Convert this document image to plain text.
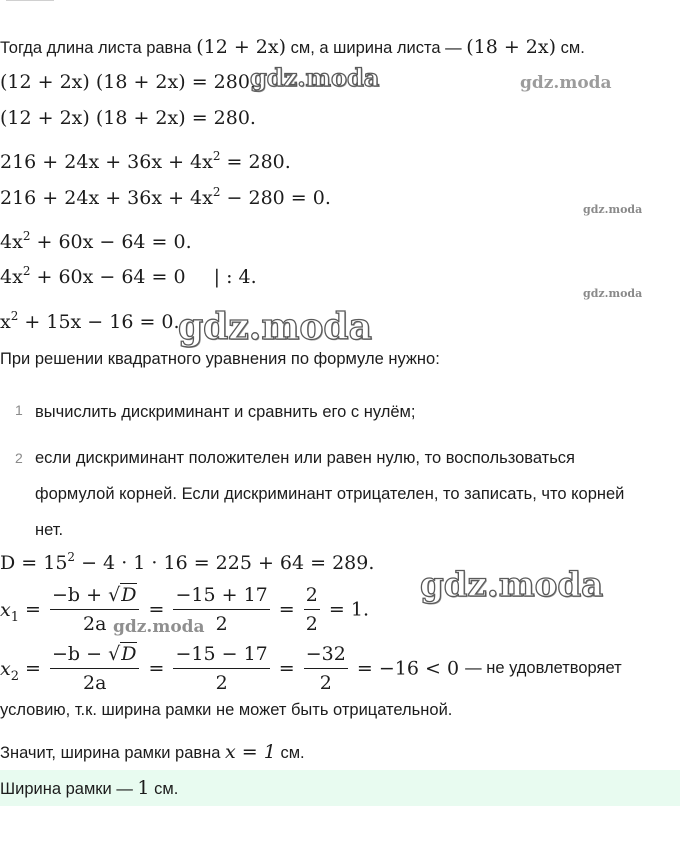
Тогда длина листа равна (12 + 2x) см, а ширина листа — (18 + 2x) см.
(12 + 2x) (18 + 2x) = 280.
(12 + 2x) (18 + 2x) = 280.
$216 + 24x + 36x + 4x^2 = 280$.
$216 + 24x + 36x + 4x^2 - 280 = 0$.
$4x^2 + 60x - 64 = 0$.
$4x^2 + 60x - 64 = 0$ | : 4.
$x^2 + 15x - 16 = 0$.
При решении квадратного уравнения по формуле нужно:
1 вычислить дискриминант и сравнить его с нулём;
2 если дискриминант положителен или равен нулю, то воспользоваться формулой корней. Если дискриминант отрицателен, то записать, что корней нет.
$D = 15^2 - 4 \cdot 1 \cdot 16 = 225 + 64 = 289$.
$x_1 = \frac{-b + √D}{2a} = \frac{-15 + 17}{2} = \frac{2}{2} = 1$.
$x_2 = \frac{-b - √D}{2a} = \frac{-15 - 17}{2} = \frac{-32}{2} = -16 < 0$ — не удовлетворяет
условию, т.к. ширина рамки не может быть отрицательной.
Значит, ширина рамки равна x = 1 см.
Ширина рамки — 1 см.
gdz.moda	gdz.moda
gdz.moda
gdz.moda
gdz.moda
gdz.moda
gdz.moda
